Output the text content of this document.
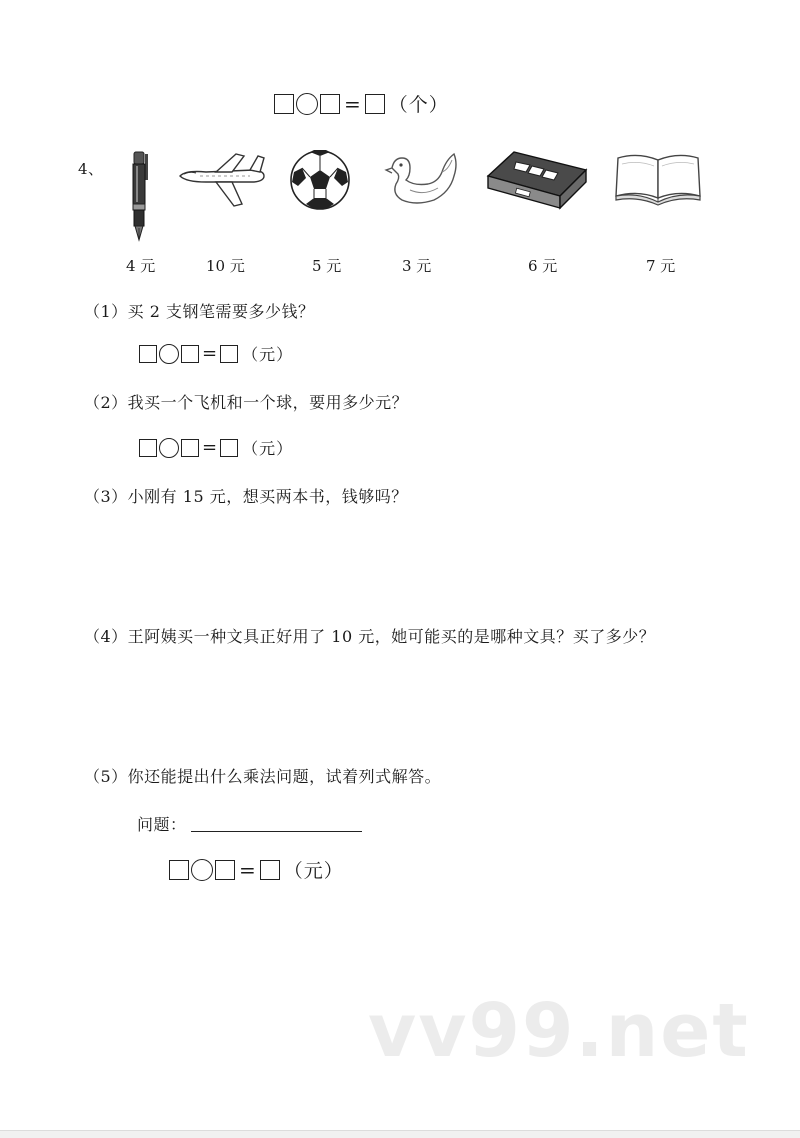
= （个）
4、
4 元	10 元	5 元	3 元	6 元	7 元
（1）买 2 支钢笔需要多少钱？
= （元）
（2）我买一个飞机和一个球，要用多少元？
= （元）
（3）小刚有 15 元，想买两本书，钱够吗？
（4）王阿姨买一种文具正好用了 10 元，她可能买的是哪种文具？买了多少？
（5）你还能提出什么乘法问题，试着列式解答。
问题：
= （元）
vv99.net
